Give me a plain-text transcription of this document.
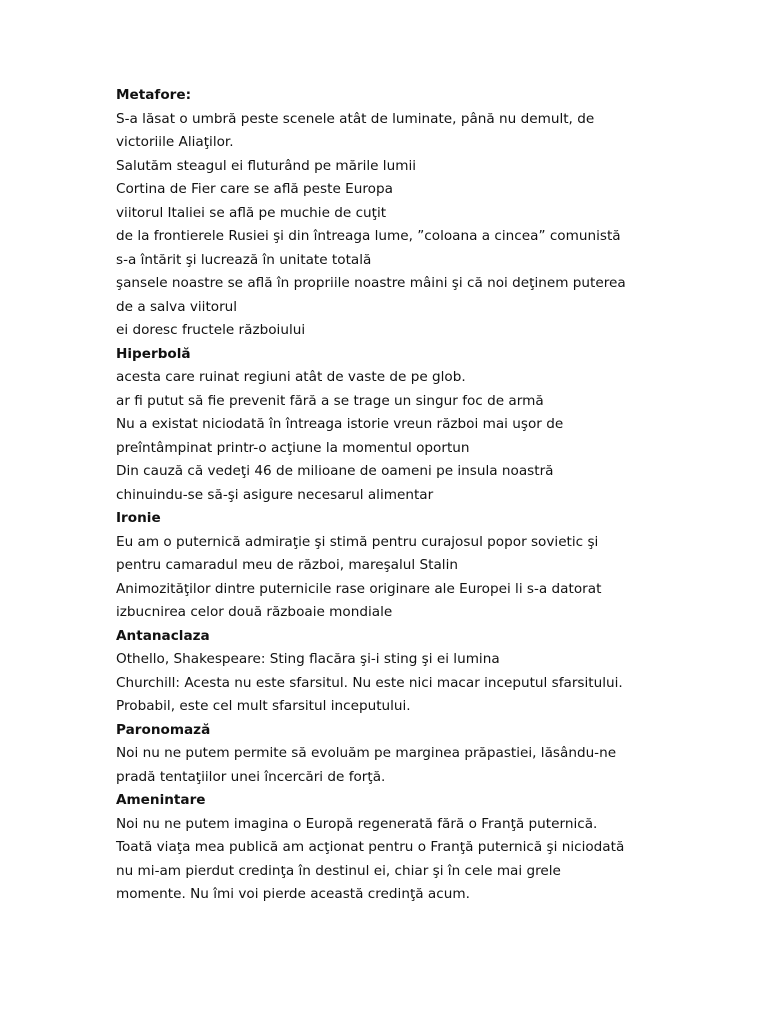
Metafore:
S-a lăsat o umbră peste scenele atât de luminate, până nu demult, de
victoriile Aliaţilor.
Salutăm steagul ei fluturând pe mările lumii
Cortina de Fier care se află peste Europa
viitorul Italiei se află pe muchie de cuţit
de la frontierele Rusiei şi din întreaga lume, ”coloana a cincea” comunistă
s-a întărit şi lucrează în unitate totală
şansele noastre se află în propriile noastre mâini şi că noi deţinem puterea
de a salva viitorul
ei doresc fructele războiului
Hiperbolă
acesta care ruinat regiuni atât de vaste de pe glob.
ar fi putut să fie prevenit fără a se trage un singur foc de armă
Nu a existat niciodată în întreaga istorie vreun război mai uşor de
preîntâmpinat printr-o acţiune la momentul oportun
Din cauză că vedeţi 46 de milioane de oameni pe insula noastră
chinuindu-se să-şi asigure necesarul alimentar
Ironie
Eu am o puternică admiraţie şi stimă pentru curajosul popor sovietic şi
pentru camaradul meu de război, mareşalul Stalin
Animozităţilor dintre puternicile rase originare ale Europei li s-a datorat
izbucnirea celor două războaie mondiale
Antanaclaza
Othello, Shakespeare: Sting flacăra şi-i sting şi ei lumina
Churchill: Acesta nu este sfarsitul. Nu este nici macar inceputul sfarsitului.
Probabil, este cel mult sfarsitul inceputului.
Paronomază
Noi nu ne putem permite să evoluăm pe marginea prăpastiei, lăsându-ne
pradă tentaţiilor unei încercări de forţă.
Amenintare
Noi nu ne putem imagina o Europă regenerată fără o Franţă puternică.
Toată viaţa mea publică am acţionat pentru o Franţă puternică şi niciodată
nu mi-am pierdut credinţa în destinul ei, chiar şi în cele mai grele
momente. Nu îmi voi pierde această credinţă acum.
